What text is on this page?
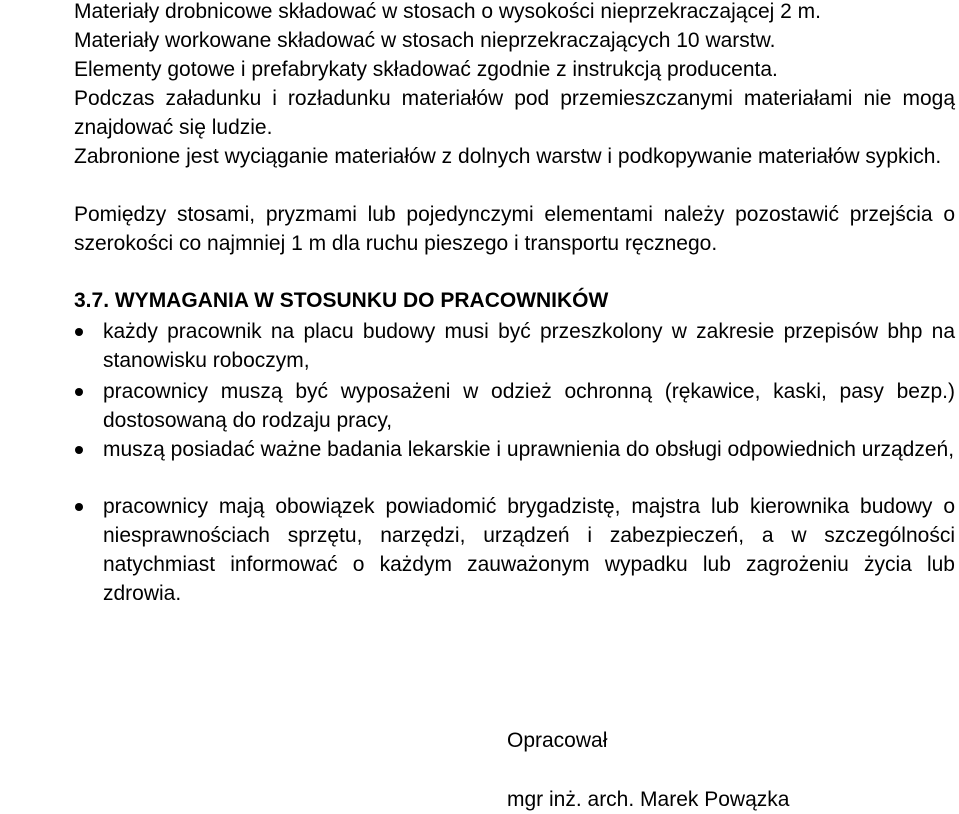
Materiały drobnicowe składować w stosach o wysokości nieprzekraczającej 2 m.

Materiały workowane składować w stosach nieprzekraczających 10 warstw.

Elementy gotowe i prefabrykaty składować zgodnie z instrukcją producenta.

Podczas załadunku i rozładunku materiałów pod przemieszczanymi materiałami nie mogą znajdować się ludzie.

Zabronione jest wyciąganie materiałów z dolnych warstw i podkopywanie materiałów sypkich.

Pomiędzy stosami, pryzmami lub pojedynczymi elementami należy pozostawić przejścia o szerokości co najmniej 1 m dla ruchu pieszego i transportu ręcznego.

3.7. WYMAGANIA W STOSUNKU DO PRACOWNIKÓW

każdy pracownik na placu budowy musi być przeszkolony w zakresie przepisów bhp na stanowisku roboczym,
pracownicy muszą być wyposażeni w odzież ochronną (rękawice, kaski, pasy bezp.) dostosowaną do rodzaju pracy,
muszą posiadać ważne badania lekarskie i uprawnienia do obsługi odpowiednich urządzeń,
pracownicy mają obowiązek powiadomić brygadzistę, majstra lub kierownika budowy o niesprawnościach sprzętu, narzędzi, urządzeń i zabezpieczeń, a w szczególności natychmiast informować o każdym zauważonym wypadku lub zagrożeniu życia lub zdrowia.
Opracował
mgr inż. arch. Marek Powązka
